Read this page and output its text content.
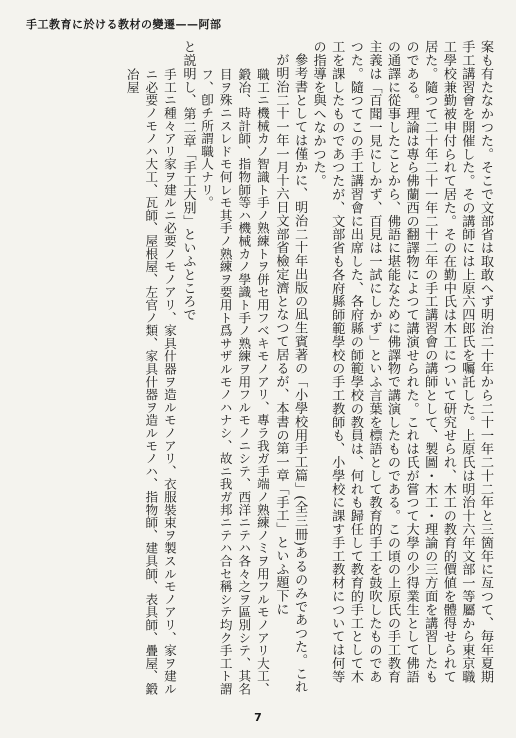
手工教育に於ける教材の變遷——阿部

案も有たなかつた。そこで文部省は取敢へず明治二十年から二十一年二十二年と三箇年に亙つて、毎年夏期手工講習會を開催した。その講師には上原六四郎氏を囑託した。上原氏は明治十六年文部一等屬から東京職工學校兼勤被申付られて居た。その在勤中氏は木工について研究せられ、木工の教育的價値を體得せられて居た。隨つて二十年二十一年二十二年の手工講習會の講師として、製圖・木工・理論の三方面を講習したものである。理論は專ら佛蘭西の翻譯物によつて講演せられた。これは氏が嘗つて大學の少得業生として佛語の通譯に從事したことから、佛語に堪能なために佛譯物で講演したものである。この頃の上原氏の手工教育主義は「百聞一見にしかず、百見は一試にしかず」といふ言葉を標語として教育的手工を鼓吹したものであつた。隨つてこの手工講習會に出席した、各府縣の師範學校の教員は、何れも歸任して教育的手工として木工を課したものであつたが、文部省も各府縣師範學校の手工教師も、小學校に課す手工教材については何等の指導を與へなかつた。

參考書としては僅かに、明治二十年出版の凪生賓著の「小學校用手工篇」(全三冊)あるのみであつた。これが明治二十一年一月十六日文部省檢定濟となつて居るが、本書の第一章「手工」といふ題下に

職工ニ機械カノ智識ト手ノ熟練トヲ併セ用フベキモノアリ、專ラ我ガ手端ノ熟練ノミヲ用フルモノアリ大工、鍛冶、時計師、指物師等ハ機械カノ學識ト手ノ熟練ヲ用フルモノニシテ、西洋ニテハ各々之ヲ區別シテ、其名目ヲ殊ニスレドモ何レモ其手ノ熟練ヲ要用ト爲サザルモノハナシ、故ニ我ガ邦ニテハ合セ稱シテ均ク手工ト謂フ、卽チ所謂職人ナリ。

と説明し、第二章「手工大別」といふところで

手工ニ種々アリ家ヲ建ルニ必要ノモノアリ、家具什器ヲ造ルモノアリ、衣服裝束ヲ製スルモノアリ、家ヲ建ルニ必要ノモノハ大工、瓦師、屋根屋、左官ノ類、家具什器ヲ造ルモノハ、指物師、建具師、表具師、疊屋、鍛冶屋

7
